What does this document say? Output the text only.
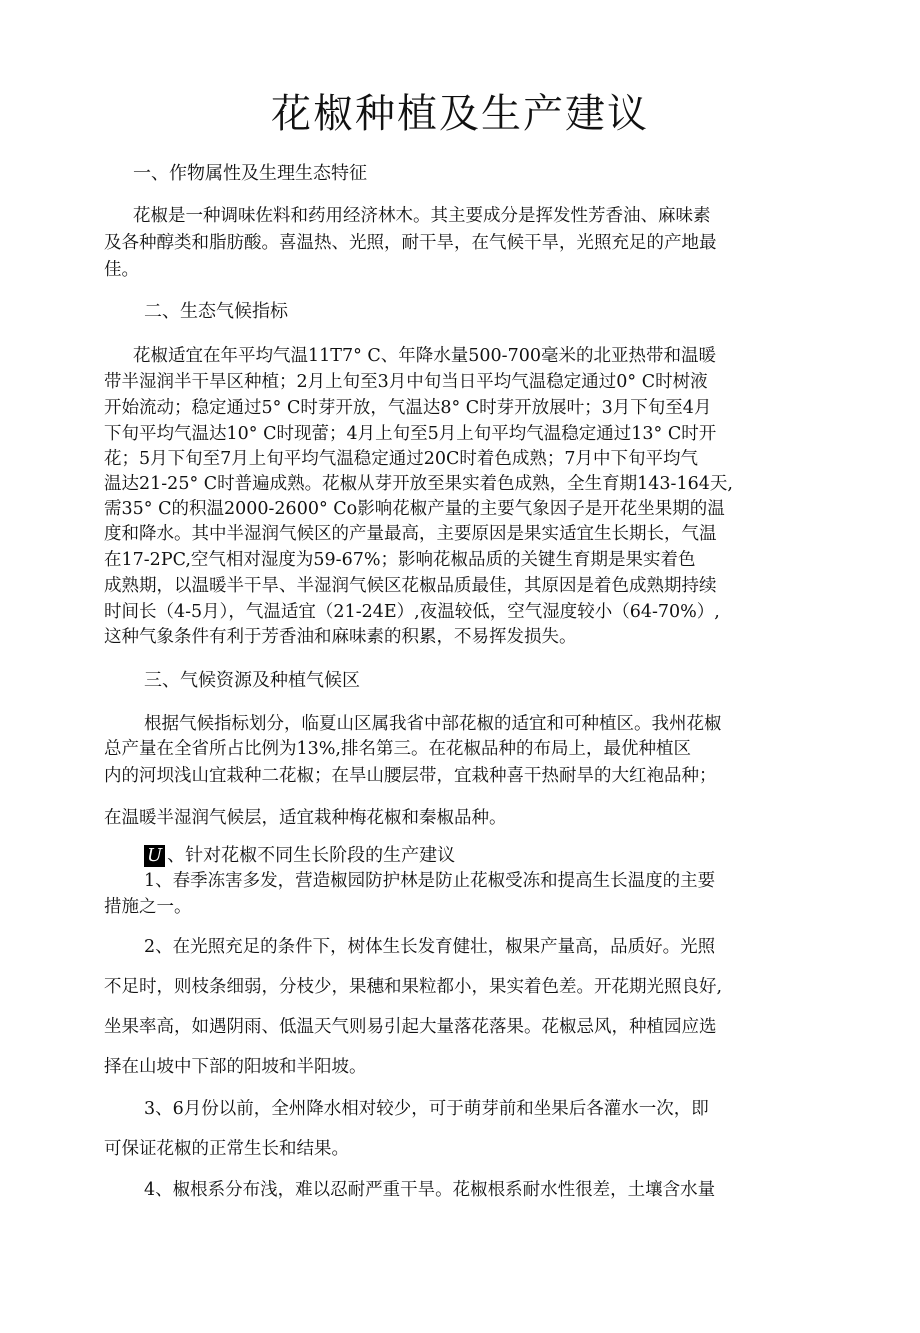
花椒种植及生产建议

一、作物属性及生理生态特征

花椒是一种调味佐料和药用经济林木。其主要成分是挥发性芳香油、麻味素

及各种醇类和脂肪酸。喜温热、光照，耐干旱，在气候干旱，光照充足的产地最

佳。

二、生态气候指标

花椒适宜在年平均气温11T7° C、年降水量500-700毫米的北亚热带和温暖

带半湿润半干旱区种植；2月上旬至3月中旬当日平均气温稳定通过0° C时树液

开始流动；稳定通过5° C时芽开放，气温达8° C时芽开放展叶；3月下旬至4月

下旬平均气温达10° C时现蕾；4月上旬至5月上旬平均气温稳定通过13° C时开

花；5月下旬至7月上旬平均气温稳定通过20C时着色成熟；7月中下旬平均气

温达21-25° C时普遍成熟。花椒从芽开放至果实着色成熟，全生育期143-164天,

需35° C的积温2000-2600° Co影响花椒产量的主要气象因子是开花坐果期的温

度和降水。其中半湿润气候区的产量最高，主要原因是果实适宜生长期长，气温

在17-2PC,空气相对湿度为59-67%；影响花椒品质的关键生育期是果实着色

成熟期，以温暖半干旱、半湿润气候区花椒品质最佳，其原因是着色成熟期持续

时间长（4-5月），气温适宜（21-24E）,夜温较低，空气湿度较小（64-70%）,

这种气象条件有利于芳香油和麻味素的积累，不易挥发损失。

三、气候资源及种植气候区

根据气候指标划分，临夏山区属我省中部花椒的适宜和可种植区。我州花椒

总产量在全省所占比例为13%,排名第三。在花椒品种的布局上，最优种植区

内的河坝浅山宜栽种二花椒；在旱山腰层带，宜栽种喜干热耐旱的大红袍品种；

在温暖半湿润气候层，适宜栽种梅花椒和秦椒品种。

U 、针对花椒不同生长阶段的生产建议

1、春季冻害多发，营造椒园防护林是防止花椒受冻和提高生长温度的主要

措施之一。

2、在光照充足的条件下，树体生长发育健壮，椒果产量高，品质好。光照

不足时，则枝条细弱，分枝少，果穗和果粒都小，果实着色差。开花期光照良好,

坐果率高，如遇阴雨、低温天气则易引起大量落花落果。花椒忌风，种植园应选

择在山坡中下部的阳坡和半阳坡。

3、6月份以前，全州降水相对较少，可于萌芽前和坐果后各灌水一次，即

可保证花椒的正常生长和结果。

4、椒根系分布浅，难以忍耐严重干旱。花椒根系耐水性很差，土壤含水量
